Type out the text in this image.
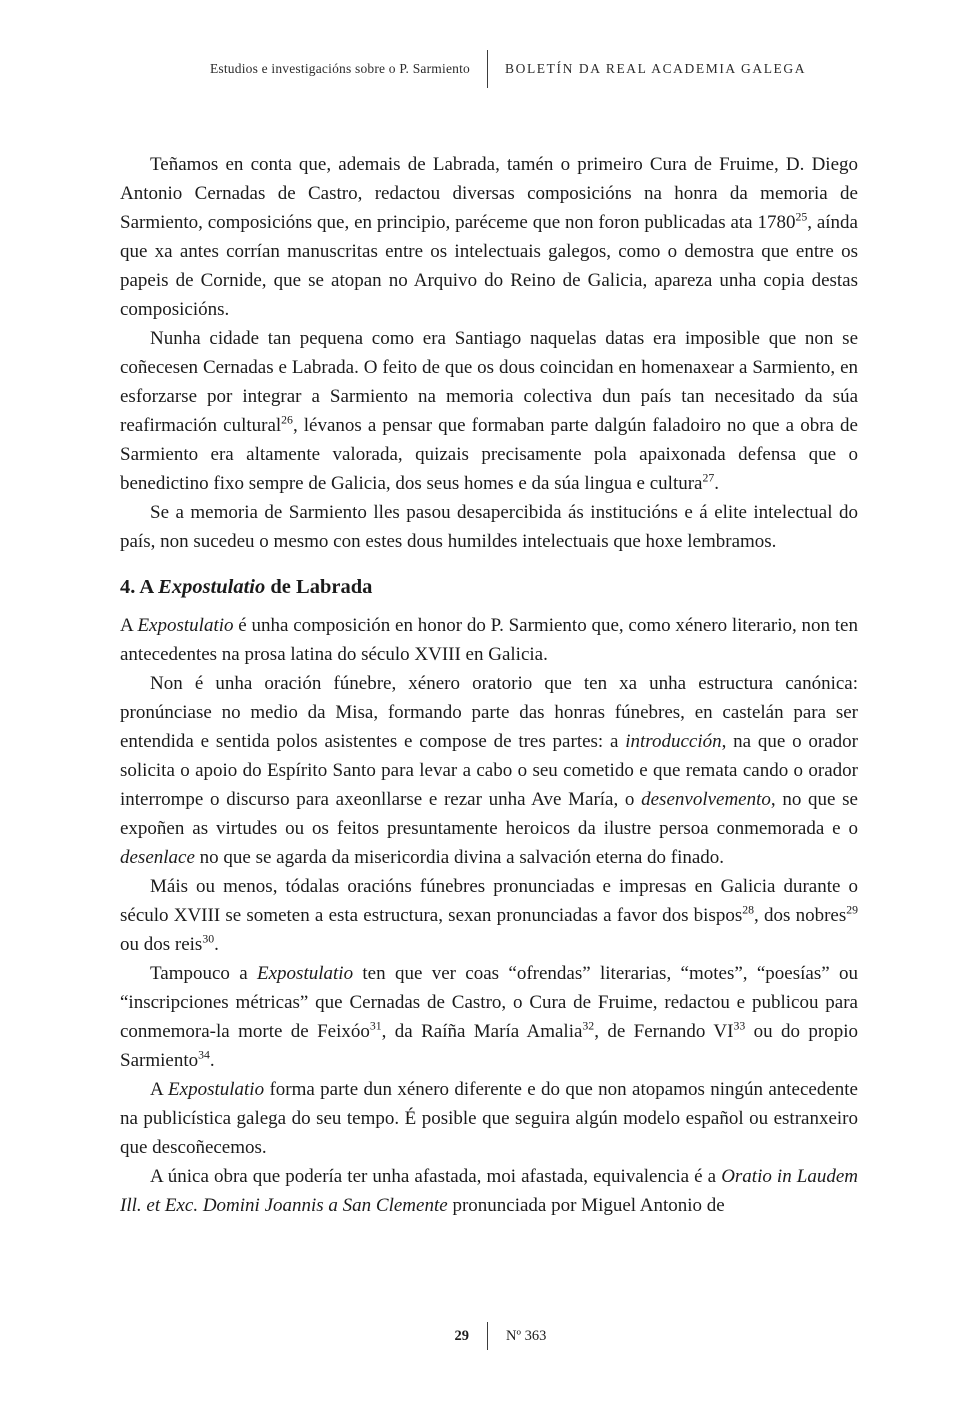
Estudios e investigacións sobre o P. Sarmiento	BOLETÍN DA REAL ACADEMIA GALEGA

Teñamos en conta que, ademais de Labrada, tamén o primeiro Cura de Fruime, D. Diego Antonio Cernadas de Castro, redactou diversas composicións na honra da memoria de Sarmiento, composicións que, en principio, paréceme que non foron publicadas ata 1780$^{25}$, aínda que xa antes corrían manuscritas entre os intelectuais galegos, como o demostra que entre os papeis de Cornide, que se atopan no Arquivo do Reino de Galicia, apareza unha copia destas composicións.

Nunha cidade tan pequena como era Santiago naquelas datas era imposible que non se coñecesen Cernadas e Labrada. O feito de que os dous coincidan en homenaxear a Sarmiento, en esforzarse por integrar a Sarmiento na memoria colectiva dun país tan necesitado da súa reafirmación cultural$^{26}$, lévanos a pensar que formaban parte dalgún faladoiro no que a obra de Sarmiento era altamente valorada, quizais precisamente pola apaixonada defensa que o benedictino fixo sempre de Galicia, dos seus homes e da súa lingua e cultura$^{27}$.

Se a memoria de Sarmiento lles pasou desapercibida ás institucións e á elite intelectual do país, non sucedeu o mesmo con estes dous humildes intelectuais que hoxe lembramos.

4. A Expostulatio de Labrada

A Expostulatio é unha composición en honor do P. Sarmiento que, como xénero literario, non ten antecedentes na prosa latina do século XVIII en Galicia.

Non é unha oración fúnebre, xénero oratorio que ten xa unha estructura canónica: pronúnciase no medio da Misa, formando parte das honras fúnebres, en castelán para ser entendida e sentida polos asistentes e compose de tres partes: a introducción, na que o orador solicita o apoio do Espírito Santo para levar a cabo o seu cometido e que remata cando o orador interrompe o discurso para axeonllarse e rezar unha Ave María, o desenvolvemento, no que se expoñen as virtudes ou os feitos presuntamente heroicos da ilustre persoa conmemorada e o desenlace no que se agarda da misericordia divina a salvación eterna do finado.

Máis ou menos, tódalas oracións fúnebres pronunciadas e impresas en Galicia durante o século XVIII se someten a esta estructura, sexan pronunciadas a favor dos bispos$^{28}$, dos nobres$^{29}$ ou dos reis$^{30}$.

Tampouco a Expostulatio ten que ver coas “ofrendas” literarias, “motes”, “poesías” ou “inscripciones métricas” que Cernadas de Castro, o Cura de Fruime, redactou e publicou para conmemora-la morte de Feixóo$^{31}$, da Raíña María Amalia$^{32}$, de Fernando VI$^{33}$ ou do propio Sarmiento$^{34}$.

A Expostulatio forma parte dun xénero diferente e do que non atopamos ningún antecedente na publicística galega do seu tempo. É posible que seguira algún modelo español ou estranxeiro que descoñecemos.

A única obra que podería ter unha afastada, moi afastada, equivalencia é a Oratio in Laudem Ill. et Exc. Domini Joannis a San Clemente pronunciada por Miguel Antonio de

29	Nº 363
